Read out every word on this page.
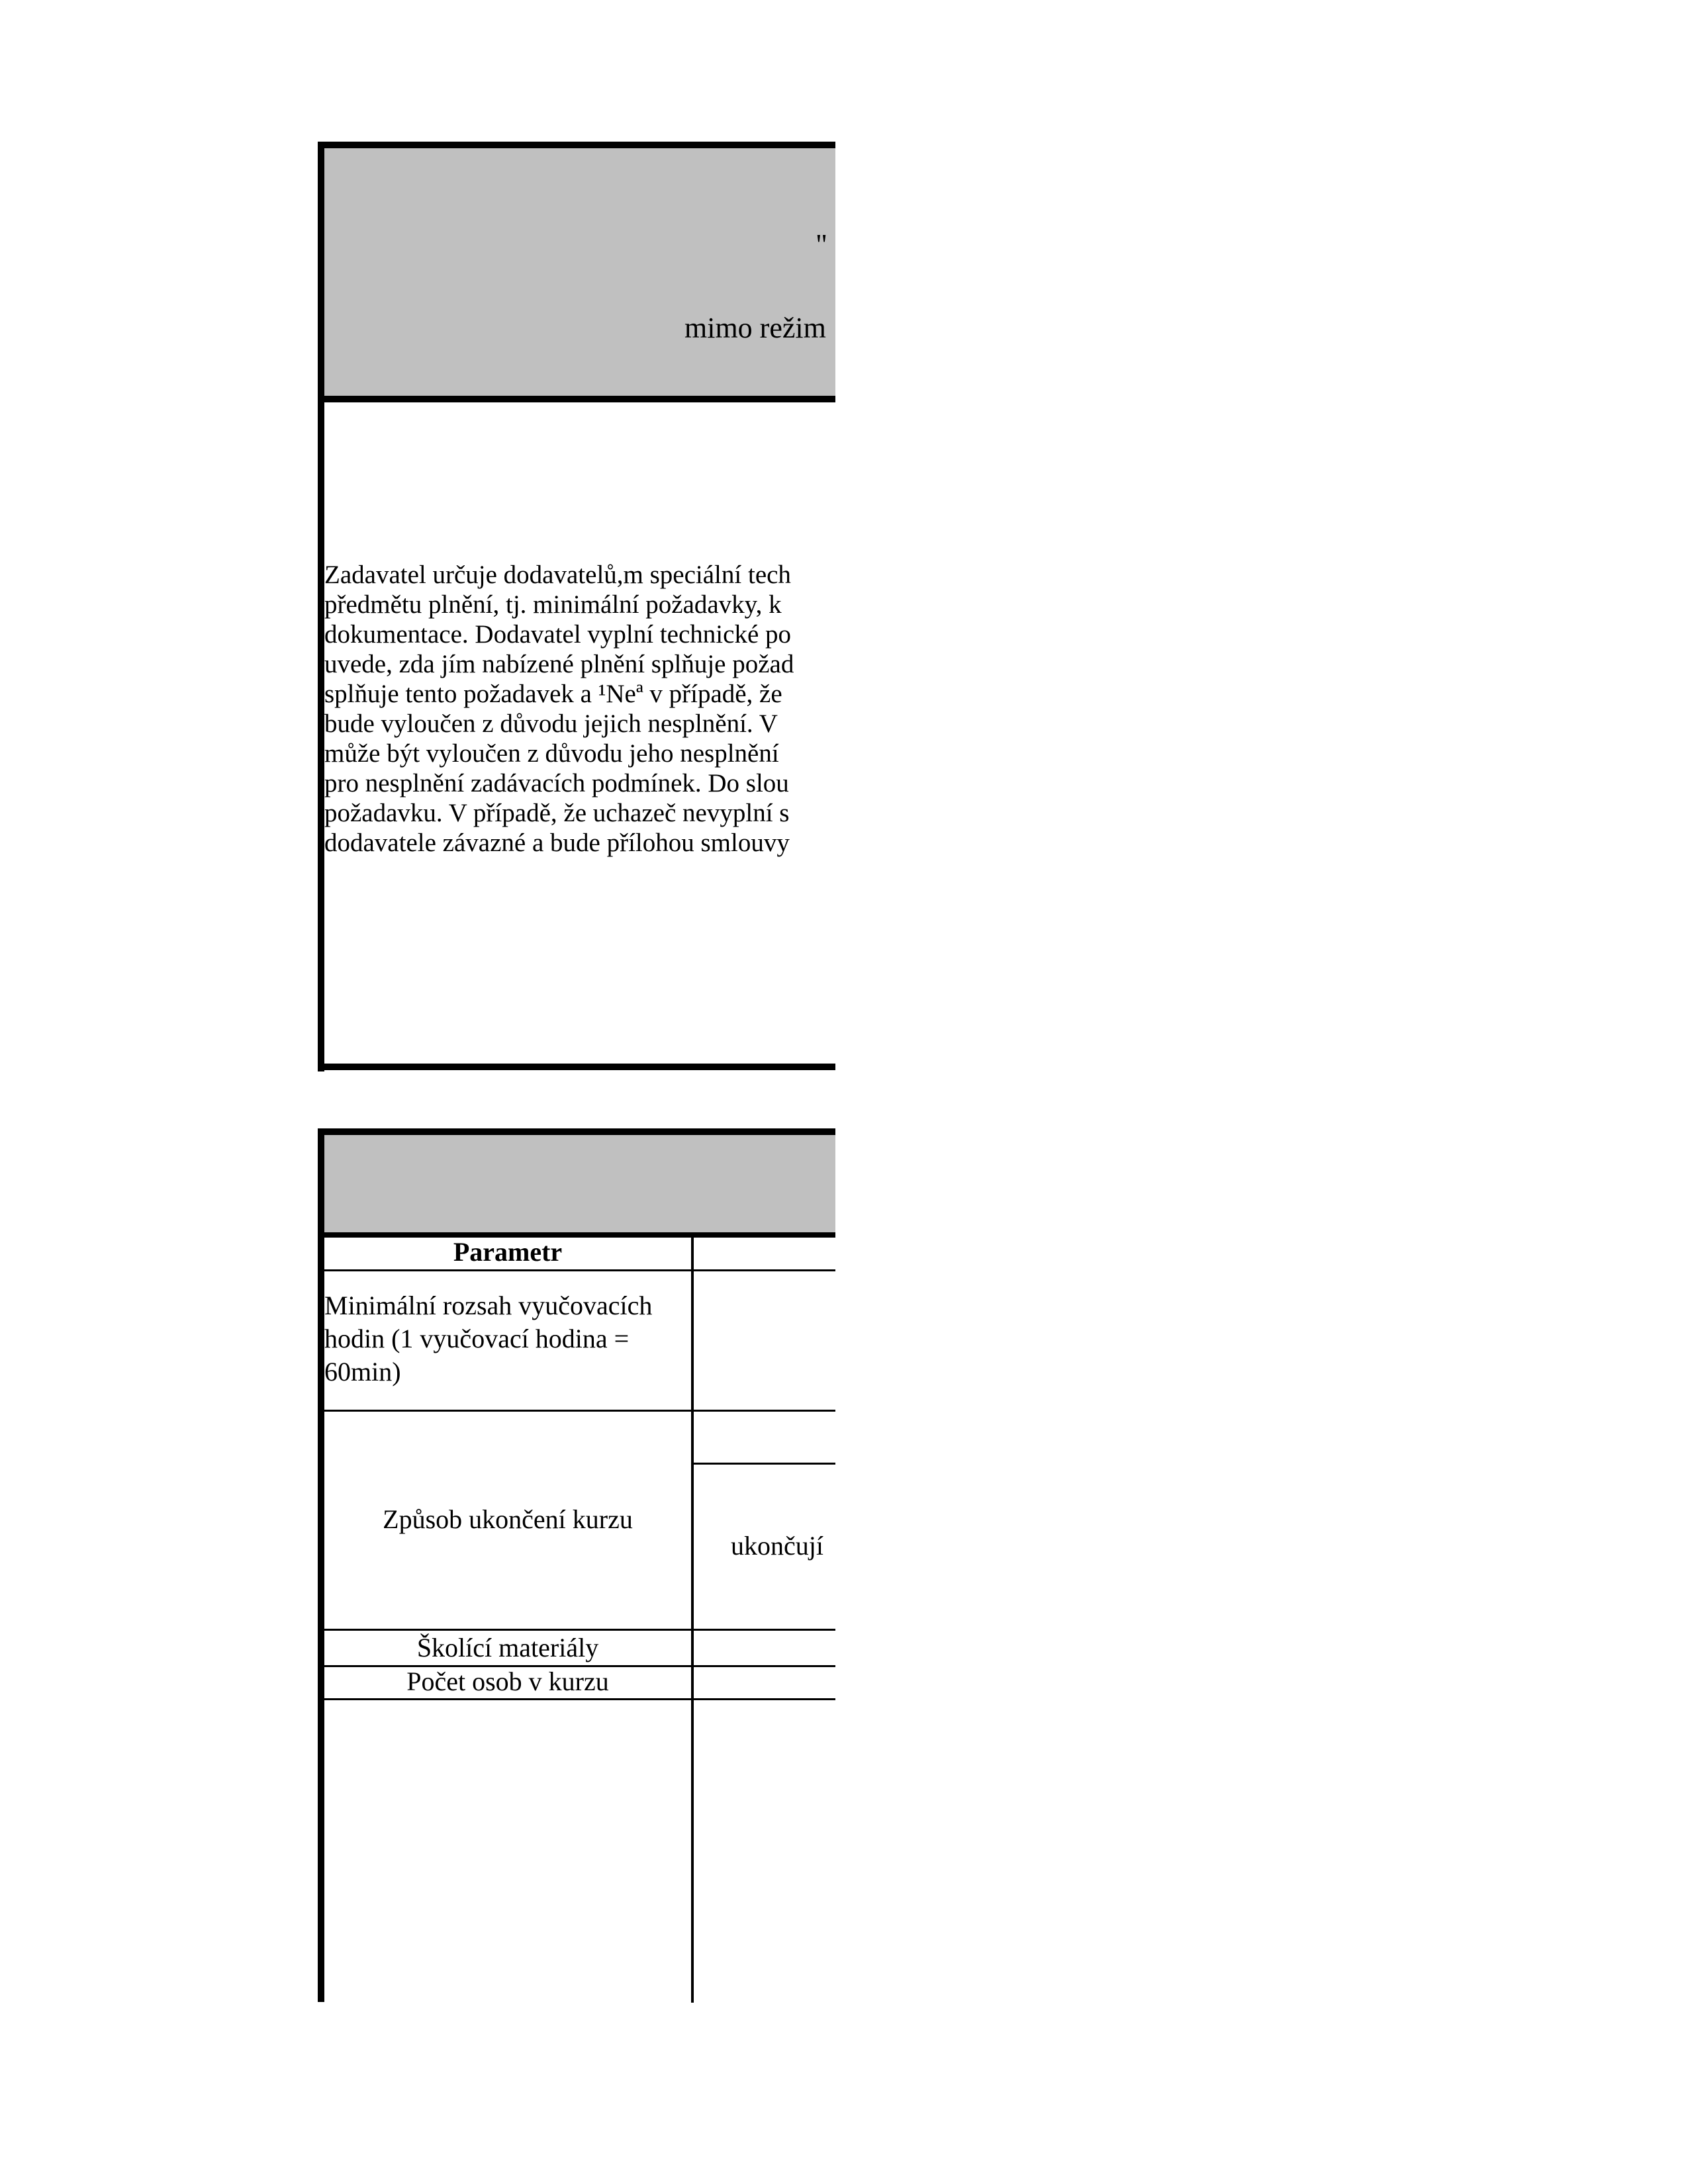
"
mimo režim
Zadavatel určuje dodavatelů,m speciální tech
předmětu plnění, tj. minimální požadavky, k
dokumentace. Dodavatel vyplní technické po
uvede, zda jím nabízené plnění splňuje požad
splňuje tento požadavek a ¹Neª v případě, že
bude vyloučen z důvodu jejich nesplnění. V
může být vyloučen z důvodu jeho nesplnění
pro nesplnění zadávacích podmínek. Do slou
požadavku. V případě, že uchazeč nevyplní s
dodavatele závazné a bude přílohou smlouvy
Parametr
Minimální rozsah vyučovacích
hodin (1 vyučovací hodina =
60min)
Způsob ukončení kurzu
ukončují
Školící materiály
Počet osob v kurzu
